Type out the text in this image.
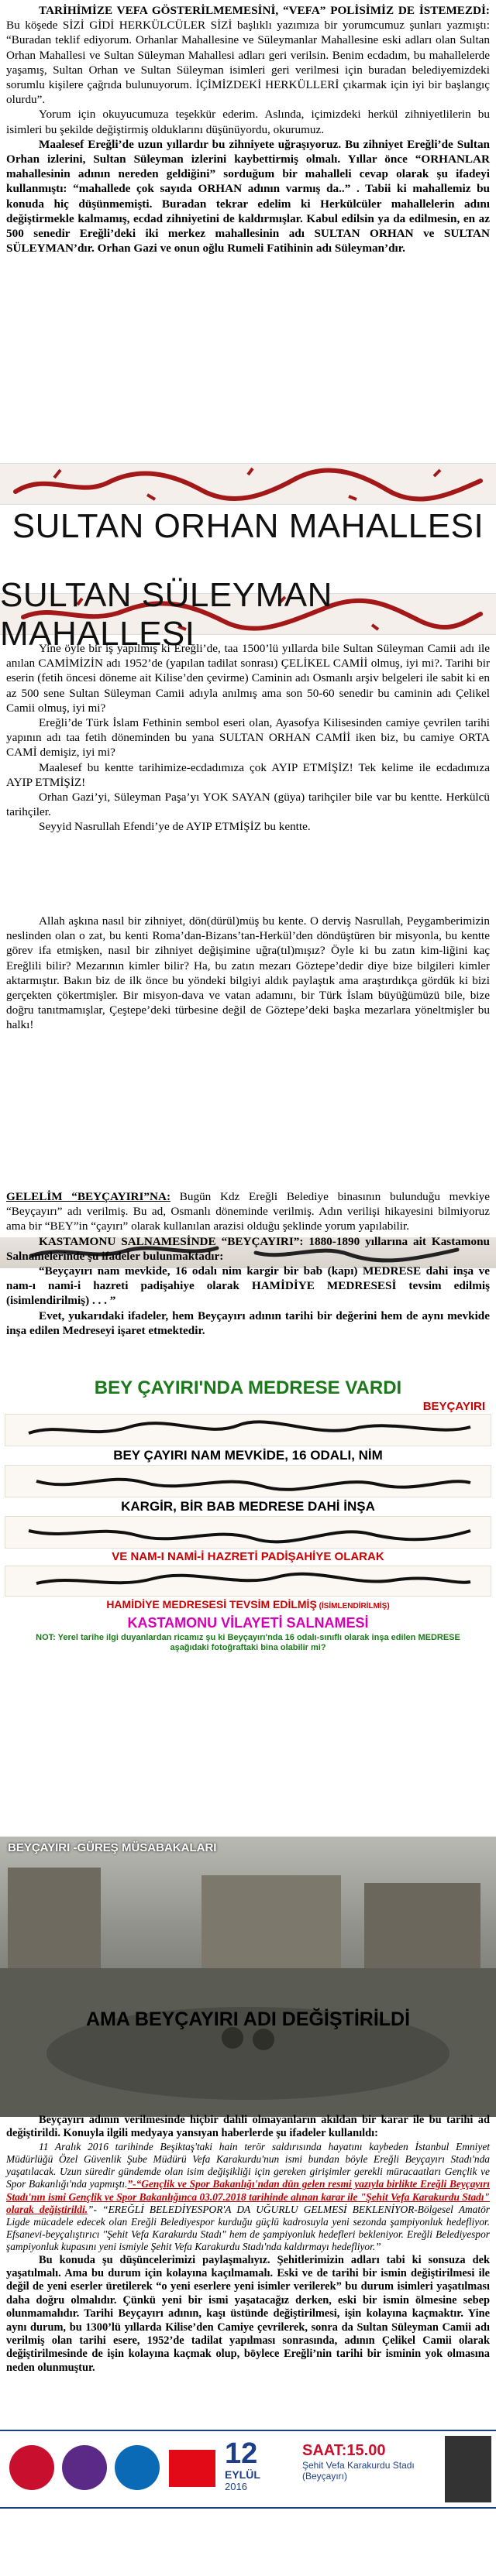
TARİHİMİZE VEFA GÖSTERİLMEMESİNİ, “VEFA” POLİSİMİZ DE İSTEMEZDİ: Bu köşede SİZİ GİDİ HERKÜLCÜLER SİZİ başlıklı yazımıza bir yorumcumuz şunları yazmıştı: “Buradan teklif ediyorum. Orhanlar Mahallesine ve Süleymanlar Mahallesine eski adları olan Sultan Orhan Mahallesi ve Sultan Süleyman Mahallesi adları geri verilsin. Benim ecdadım, bu mahallelerde yaşamış, Sultan Orhan ve Sultan Süleyman isimleri geri verilmesi için buradan belediyemizdeki sorumlu kişilere çağrıda bulunuyorum. İÇİMİZDEKİ HERKÜLLERİ çıkarmak için iyi bir başlangıç olurdu”.

Yorum için okuyucumuza teşekkür ederim. Aslında, içimizdeki herkül zihniyetlilerin bu isimleri bu şekilde değiştirmiş olduklarını düşünüyordu, okurumuz.

Maalesef Ereğli’de uzun yıllardır bu zihniyete uğraşıyoruz. Bu zihniyet Ereğli’de Sultan Orhan izlerini, Sultan Süleyman izlerini kaybettirmiş olmalı. Yıllar önce “ORHANLAR mahallesinin adının nereden geldiğini” sorduğum bir mahalleli cevap olarak şu ifadeyi kullanmıştı: “mahallede çok sayıda ORHAN adının varmış da..” . Tabii ki mahallemiz bu konuda hiç düşünmemişti. Buradan tekrar edelim ki Herkülcüler mahallelerin adını değiştirmekle kalmamış, ecdad zihniyetini de kaldırmışlar. Kabul edilsin ya da edilmesin, en az 500 senedir Ereğli’deki iki merkez mahallesinin adı SULTAN ORHAN ve SULTAN SÜLEYMAN’dır. Orhan Gazi ve onun oğlu Rumeli Fatihinin adı Süleyman’dır.

SULTAN ORHAN MAHALLESI
SULTAN SÜLEYMAN MAHALLESI

Yine öyle bir iş yapılmış ki Ereğli’de, taa 1500’lü yıllarda bile Sultan Süleyman Camii adı ile anılan CAMİMİZİN adı 1952’de (yapılan tadilat sonrası) ÇELİKEL CAMİİ olmuş, iyi mi?. Tarihi bir eserin (fetih öncesi döneme ait Kilise’den çevirme) Caminin adı Osmanlı arşiv belgeleri ile sabit ki en az 500 sene Sultan Süleyman Camii adıyla anılmış ama son 50-60 senedir bu caminin adı Çelikel Camii olmuş, iyi mi?

Ereğli’de Türk İslam Fethinin sembol eseri olan, Ayasofya Kilisesinden camiye çevrilen tarihi yapının adı taa fetih döneminden bu yana SULTAN ORHAN CAMİİ iken biz, bu camiye ORTA CAMİ demişiz, iyi mi?

Maalesef bu kentte tarihimize-ecdadımıza çok AYIP ETMİŞİZ! Tek kelime ile ecdadımıza AYIP ETMİŞİZ!

Orhan Gazi’yi, Süleyman Paşa’yı YOK SAYAN (güya) tarihçiler bile var bu kentte. Herkülcü tarihçiler.

Seyyid Nasrullah Efendi’ye de AYIP ETMİŞİZ bu kentte.

Allah aşkına nasıl bir zihniyet, dön(dürül)müş bu kente. O derviş Nasrullah, Peygamberimizin neslinden olan o zat, bu kenti Roma’dan-Bizans’tan-Herkül’den döndüştüren bir misyonla, bu kentte görev ifa etmişken, nasıl bir zihniyet değişimine uğra(tıl)mışız? Öyle ki bu zatın kim-liğini kaç Ereğlili bilir? Mezarının kimler bilir? Ha, bu zatın mezarı Göztepe’dedir diye bize bilgileri kimler aktarmıştır. Bakın biz de ilk önce bu yöndeki bilgiyi aldık paylaştık ama araştırdıkça gördük ki bizi gerçekten çökertmişler. Bir misyon-dava ve vatan adamını, bir Türk İslam büyüğümüzü bile, bize doğru tanıtmamışlar, Çeştepe’deki türbesine değil de Göztepe’deki başka mezarlara yöneltmişler bu halkı!

GELELİM “BEYÇAYIRI”NA: Bugün Kdz Ereğli Belediye binasının bulunduğu mevkiye “Beyçayırı” adı verilmiş. Bu ad, Osmanlı döneminde verilmiş. Adın verilişi hikayesini bilmiyoruz ama bir “BEY”in “çayırı” olarak kullanılan arazisi olduğu şeklinde yorum yapılabilir.

KASTAMONU SALNAMESİNDE “BEYÇAYIRI”: 1880-1890 yıllarına ait Kastamonu Salnamelerinde şu ifadeler bulunmaktadır:

“Beyçayırı nam mevkide, 16 odalı nim kargir bir bab (kapı) MEDRESE dahi inşa ve nam-ı nami-i hazreti padişahiye olarak HAMİDİYE MEDRESESİ tevsim edilmiş (isimlendirilmiş) . . . ”

Evet, yukarıdaki ifadeler, hem Beyçayırı adının tarihi bir değerini hem de aynı mevkide inşa edilen Medreseyi işaret etmektedir.

BEY ÇAYIRI'NDA MEDRESE VARDI
BEYÇAYIRI
BEY ÇAYIRI NAM MEVKİDE, 16 ODALI, NİM
KARGİR, BİR BAB MEDRESE DAHİ İNŞA
VE NAM-I NAMİ-İ HAZRETİ PADİŞAHİYE OLARAK
HAMİDİYE MEDRESESİ TEVSİM EDİLMİŞ (İSİMLENDİRİLMİŞ)
KASTAMONU VİLAYETİ SALNAMESİ
NOT: Yerel tarihe ilgi duyanlardan ricamız şu ki Beyçayırı'nda 16 odalı-sınıflı olarak inşa edilen MEDRESE aşağıdaki fotoğraftaki bina olabilir mi?
BEYÇAYIRI -GÜREŞ MÜSABAKALARI
AMA BEYÇAYIRI ADI DEĞİŞTİRİLDİ
12
EYLÜL
2016
SAAT:15.00
Şehit Vefa Karakurdu Stadı
(Beyçayırı)

Beyçayırı adının verilmesinde hiçbir dahli olmayanların akıldan bir karar ile bu tarihi ad değiştirildi. Konuyla ilgili medyaya yansıyan haberlerde şu ifadeler kullanıldı:

11 Aralık 2016 tarihinde Beşiktaş'taki hain terör saldırısında hayatını kaybeden İstanbul Emniyet Müdürlüğü Özel Güvenlik Şube Müdürü Vefa Karakurdu'nun ismi bundan böyle Ereğli Beyçayırı Stadı'nda yaşatılacak. Uzun süredir gündemde olan isim değişikliği için gereken girişimler gerekli müracaatları Gençlik ve Spor Bakanlığı'nda yapmıştı.”-“Gençlik ve Spor Bakanlığı'ndan dün gelen resmi yazıyla birlikte Ereğli Beyçayırı Stadı'nın ismi Gençlik ve Spor Bakanlığınca 03.07.2018 tarihinde alınan karar ile "Şehit Vefa Karakurdu Stadı" olarak değiştirildi.”- “EREĞLİ BELEDİYESPOR'A DA UĞURLU GELMESİ BEKLENİYOR-Bölgesel Amatör Ligde mücadele edecek olan Ereğli Belediyespor kurduğu güçlü kadrosuyla yeni sezonda şampiyonluk hedefliyor. Efsanevi-beyçalıştırıcı "Şehit Vefa Karakurdu Stadı" hem de şampiyonluk hedefleri bekleniyor. Ereğli Belediyespor şampiyonluk kupasını yeni ismiyle Şehit Vefa Karakurdu Stadı'nda kaldırmayı hedefliyor.”

Bu konuda şu düşüncelerimizi paylaşmalıyız. Şehitlerimizin adları tabi ki sonsuza dek yaşatılmalı. Ama bu durum için kolayına kaçılmamalı. Eski ve de tarihi bir ismin değiştirilmesi ile değil de yeni eserler üretilerek “o yeni eserlere yeni isimler verilerek” bu durum isimleri yaşatılması daha doğru olmalıdır. Çünkü yeni bir ismi yaşatacağız derken, eski bir ismin ölmesine sebep olunmamalıdır. Tarihi Beyçayırı adının, kaşı üstünde değiştirilmesi, işin kolayına kaçmaktır. Yine aynı durum, bu 1300’lü yıllarda Kilise’den Camiye çevrilerek, sonra da Sultan Süleyman Camii adı verilmiş olan tarihi esere, 1952’de tadilat yapılması sonrasında, adının Çelikel Camii olarak değiştirilmesinde de işin kolayına kaçmak olup, böylece Ereğli’nin tarihi bir isminin yok olmasına neden olunmuştur.
